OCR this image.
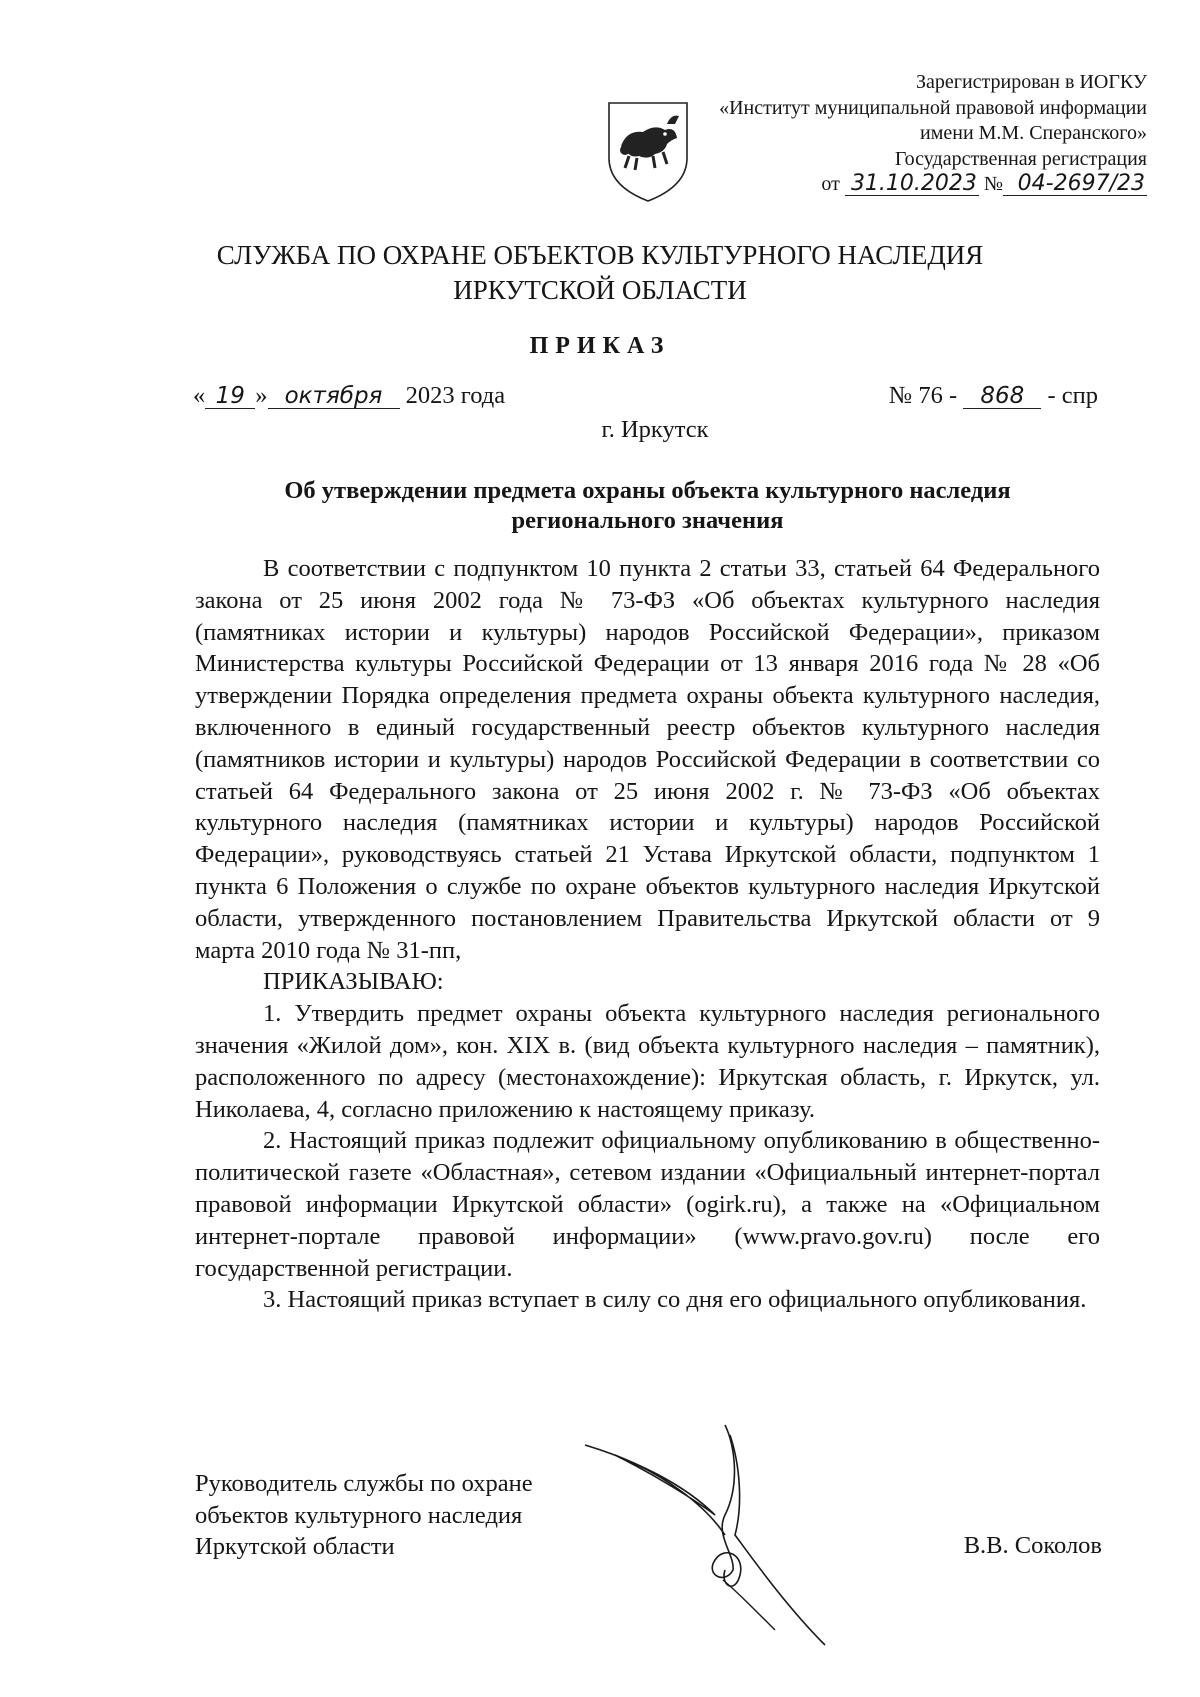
Зарегистрирован в ИОГКУ
«Институт муниципальной правовой информации
имени М.М. Сперанского»
Государственная регистрация
от 31.10.2023 № 04-2697/23
СЛУЖБА ПО ОХРАНЕ ОБЪЕКТОВ КУЛЬТУРНОГО НАСЛЕДИЯ
ИРКУТСКОЙ ОБЛАСТИ
ПРИКАЗ
« 19 » октября 2023 года	№ 76 - 868 - спр
г. Иркутск
Об утверждении предмета охраны объекта культурного наследия
регионального значения

В соответствии с подпунктом 10 пункта 2 статьи 33, статьей 64 Федерального закона от 25 июня 2002 года № 73-ФЗ «Об объектах культурного наследия (памятниках истории и культуры) народов Российской Федерации», приказом Министерства культуры Российской Федерации от 13 января 2016 года № 28 «Об утверждении Порядка определения предмета охраны объекта культурного наследия, включенного в единый государственный реестр объектов культурного наследия (памятников истории и культуры) народов Российской Федерации в соответствии со статьей 64 Федерального закона от 25 июня 2002 г. № 73-ФЗ «Об объектах культурного наследия (памятниках истории и культуры) народов Российской Федерации», руководствуясь статьей 21 Устава Иркутской области, подпунктом 1 пункта 6 Положения о службе по охране объектов культурного наследия Иркутской области, утвержденного постановлением Правительства Иркутской области от 9 марта 2010 года № 31-пп,

ПРИКАЗЫВАЮ:

1. Утвердить предмет охраны объекта культурного наследия регионального значения «Жилой дом», кон. XIX в. (вид объекта культурного наследия – памятник), расположенного по адресу (местонахождение): Иркутская область, г. Иркутск, ул. Николаева, 4, согласно приложению к настоящему приказу.

2. Настоящий приказ подлежит официальному опубликованию в общественно-политической газете «Областная», сетевом издании «Официальный интернет-портал правовой информации Иркутской области» (ogirk.ru), а также на «Официальном интернет-портале правовой информации» (www.pravo.gov.ru) после его государственной регистрации.

3. Настоящий приказ вступает в силу со дня его официального опубликования.

Руководитель службы по охране
объектов культурного наследия
Иркутской области	В.В. Соколов
